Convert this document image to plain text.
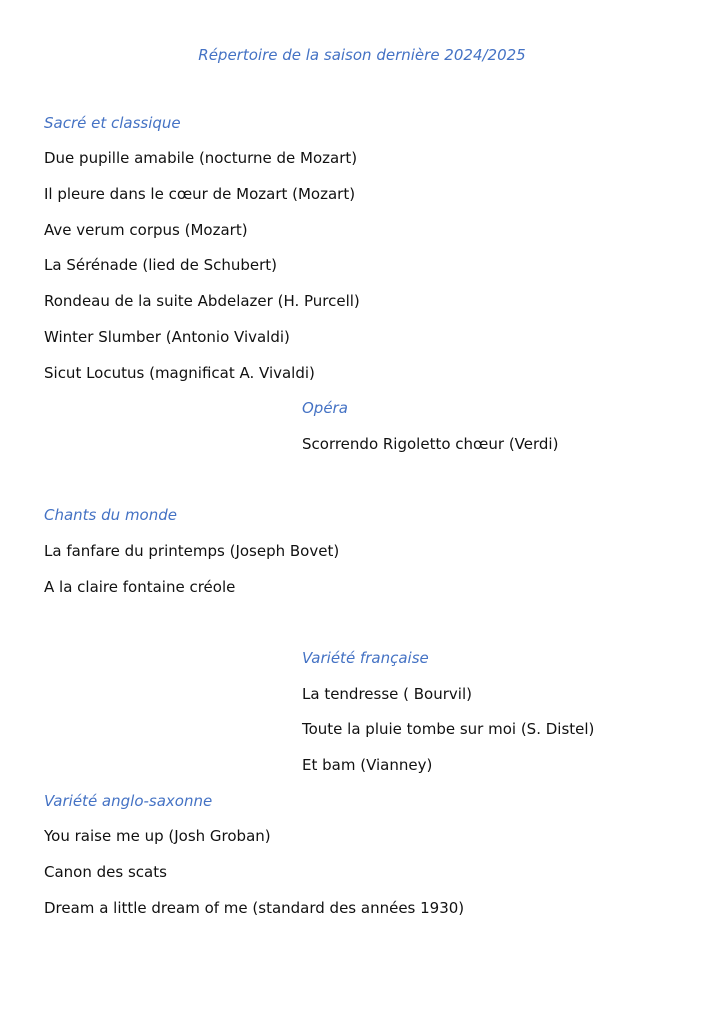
Répertoire de la saison dernière 2024/2025
Sacré et classique
Due pupille amabile (nocturne de Mozart)
Il pleure dans le cœur de Mozart (Mozart)
Ave verum corpus (Mozart)
La Sérénade (lied de Schubert)
Rondeau de la suite Abdelazer (H. Purcell)
Winter Slumber (Antonio Vivaldi)
Sicut Locutus (magnificat A. Vivaldi)
Opéra
Scorrendo Rigoletto chœur (Verdi)
Chants du monde
La fanfare du printemps (Joseph Bovet)
A la claire fontaine créole
Variété française
La tendresse ( Bourvil)
Toute la pluie tombe sur moi (S. Distel)
Et bam (Vianney)
Variété anglo-saxonne
You raise me up (Josh Groban)
Canon des scats
Dream a little dream of me (standard des années 1930)
